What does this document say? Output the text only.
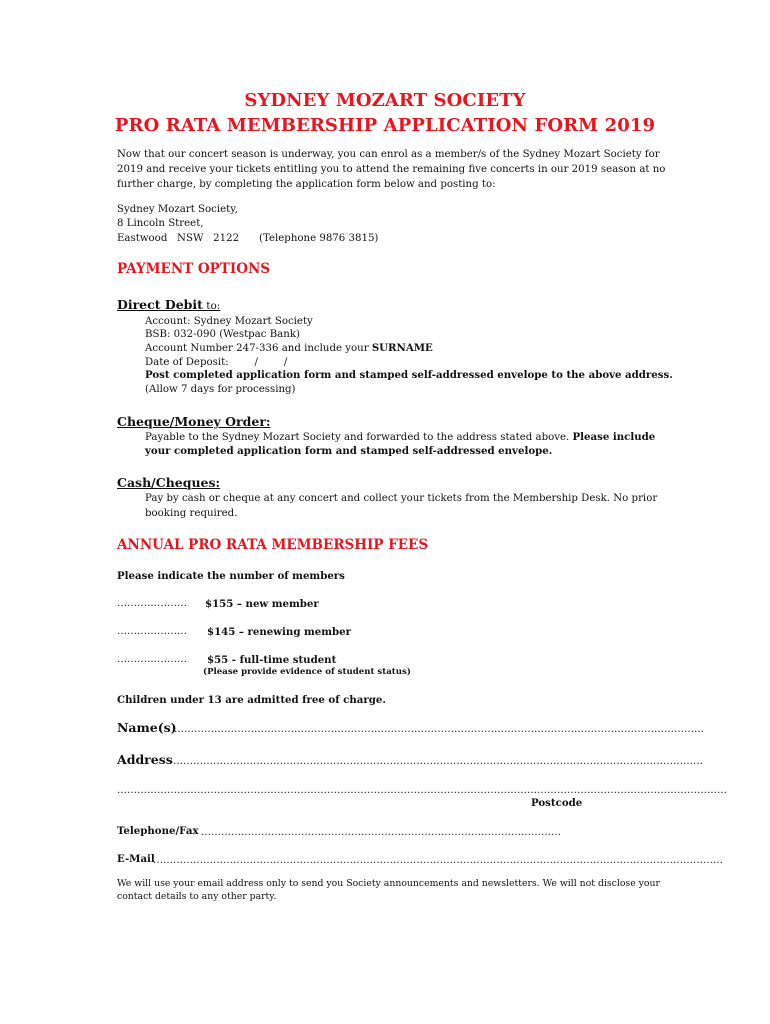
SYDNEY MOZART SOCIETY
PRO RATA MEMBERSHIP APPLICATION FORM 2019
Now that our concert season is underway, you can enrol as a member/s of the Sydney Mozart Society for
2019 and receive your tickets entitling you to attend the remaining five concerts in our 2019 season at no
further charge, by completing the application form below and posting to:
Sydney Mozart Society,
8 Lincoln Street,
Eastwood   NSW   2122 (Telephone 9876 3815)
PAYMENT OPTIONS
Direct Debit to:
Account: Sydney Mozart Society
BSB: 032-090 (Westpac Bank)
Account Number 247-336 and include your SURNAME
Date of Deposit:        /        /
Post completed application form and stamped self-addressed envelope to the above address.
(Allow 7 days for processing)
Cheque/Money Order:
Payable to the Sydney Mozart Society and forwarded to the address stated above. Please include
your completed application form and stamped self-addressed envelope.
Cash/Cheques:
Pay by cash or cheque at any concert and collect your tickets from the Membership Desk. No prior
booking required.
ANNUAL PRO RATA MEMBERSHIP FEES
Please indicate the number of members
………………… $155 – new member
………………… $145 – renewing member
………………… $55 - full-time student
(Please provide evidence of student status)
Children under 13 are admitted free of charge.
Name(s)
……………………………………………………………………………………………………………………………………………
Address ……………………………………………………………………………………………………………………………………………
…………………………………………………………………………………………………………………………………………………………………
Postcode
Telephone/Fax ………………………………………………………………………………………………
E-Mail
………………………………………………………………………………………………………………………………………………………
We will use your email address only to send you Society announcements and newsletters. We will not disclose your
contact details to any other party.
